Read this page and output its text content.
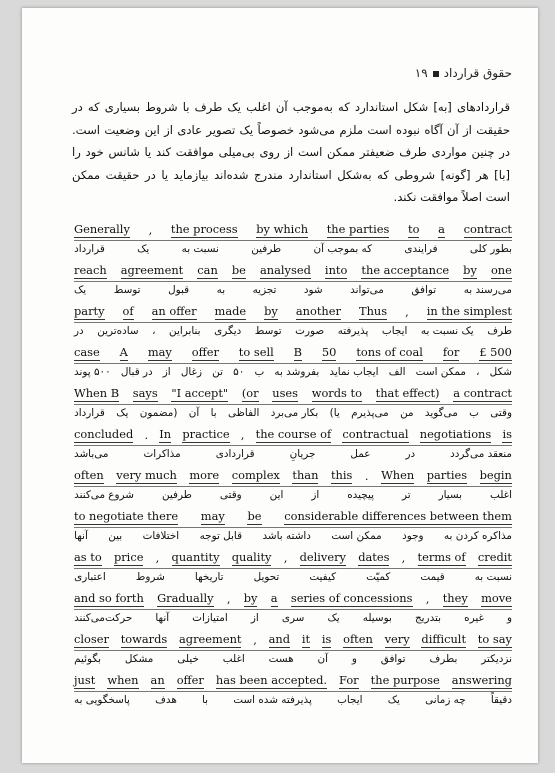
حقوق قرارداد۱۹

قراردادهای [به] شکل استاندارد که به‌موجب آن اغلب یک طرف با شروط بسیاری که در حقیقت از آن آگاه نبوده است ملزم می‌شود خصوصاً یک تصویر عادی از این وضعیت است. در چنین مواردی طرف ضعیفتر ممکن است از روی بی‌میلی موافقت کند یا شانس خود را [با] هر [گونه] شروطی که به‌شکل استاندارد مندرج شده‌اند بیازماید یا در حقیقت ممکن است اصلاً موافقت نکند.

Generally , the process by which the parties to a contract
بطور کلی
فرایندی
که بموجب آن
طرفین
نسبت به
یک
قرارداد
reach agreement can be analysed into the acceptance by one
می‌رسند به
توافق
می‌تواند
شود
تجزیه
به
قبول
توسط
یک
party of an offer made by another Thus , in the simplest
طرف
یک نسبت به
ایجاب
پذیرفته
صورت
توسط
دیگری
بنابراین
،
ساده‌ترین
در
case A may offer to sell B 50 tons of coal for £ 500
شکل
،
ممکن است
الف
ایجاب نماید
بفروشد به
ب
۵۰
تن
زغال
از
در قبال
۵۰۰ پوند
When B says "I accept" (or uses words to that effect) a contract
وقتی
ب
می‌گوید
من
می‌پذیرم
یا)
بکار می‌برد
الفاظی
با
آن
(مضمون
یک
قرارداد
concluded . In practice , the course of contractual negotiations is
منعقد می‌گردد
در
عمل
جریانِ
قراردادی
مذاکرات
می‌باشد
often very much more complex than this . When parties begin
اغلب
بسیار
تر
پیچیده
از
این
وقتی
طرفین
شروع می‌کنند
to negotiate there may be considerable differences between them
مذاکره کردن به
وجود
ممکن است
داشته باشد
قابل توجه
اختلافات
بین
آنها
as to price , quantity quality , delivery dates , terms of credit
نسبت به
قیمت
کمیّت
کیفیت
تحویل
تاریخها
شروط
اعتباری
and so forth Gradually , by a series of concessions , they move
و
غیره
بتدریج
بوسیله
یک
سری
از
امتیازات
آنها
حرکت‌می‌کنند
closer towards agreement , and it is often very difficult to say
نزدیکتر
بطرف
توافق
و
آن
هست
اغلب
خیلی
مشکل
بگوئیم
just when an offer has been accepted. For the purpose answering
دقیقاً
چه زمانی
یک
ایجاب
پذیرفته شده است
با
هدف
پاسخگویی به
